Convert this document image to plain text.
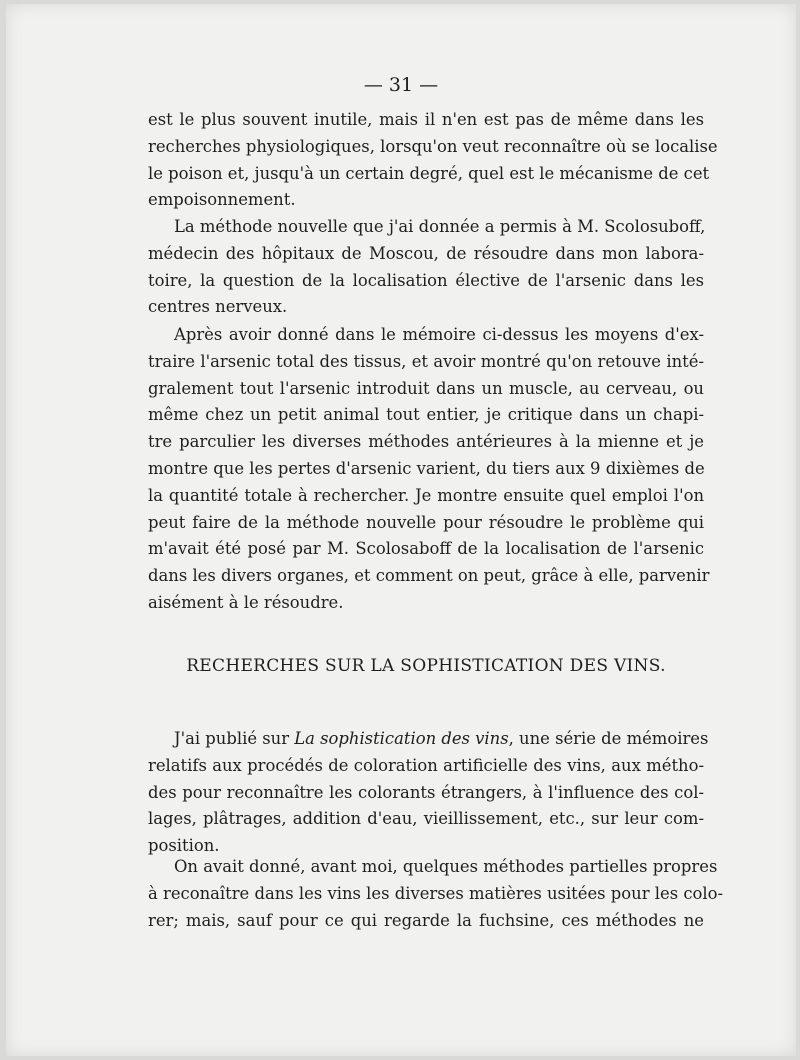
— 31 —
est le plus souvent inutile, mais il n'en est pas de même dans les
recherches physiologiques, lorsqu'on veut reconnaître où se localise
le poison et, jusqu'à un certain degré, quel est le mécanisme de cet
empoisonnement.
La méthode nouvelle que j'ai donnée a permis à M. Scolosuboff,
médecin des hôpitaux de Moscou, de résoudre dans mon labora-
toire, la question de la localisation élective de l'arsenic dans les
centres nerveux.
Après avoir donné dans le mémoire ci-dessus les moyens d'ex-
traire l'arsenic total des tissus, et avoir montré qu'on retouve inté-
gralement tout l'arsenic introduit dans un muscle, au cerveau, ou
même chez un petit animal tout entier, je critique dans un chapi-
tre parculier les diverses méthodes antérieures à la mienne et je
montre que les pertes d'arsenic varient, du tiers aux 9 dixièmes de
la quantité totale à rechercher. Je montre ensuite quel emploi l'on
peut faire de la méthode nouvelle pour résoudre le problème qui
m'avait été posé par M. Scolosaboff de la localisation de l'arsenic
dans les divers organes, et comment on peut, grâce à elle, parvenir
aisément à le résoudre.
RECHERCHES SUR LA SOPHISTICATION DES VINS.
J'ai publié sur La sophistication des vins, une série de mémoires
relatifs aux procédés de coloration artificielle des vins, aux métho-
des pour reconnaître les colorants étrangers, à l'influence des col-
lages, plâtrages, addition d'eau, vieillissement, etc., sur leur com-
position.
On avait donné, avant moi, quelques méthodes partielles propres
à reconaître dans les vins les diverses matières usitées pour les colo-
rer; mais, sauf pour ce qui regarde la fuchsine, ces méthodes ne
